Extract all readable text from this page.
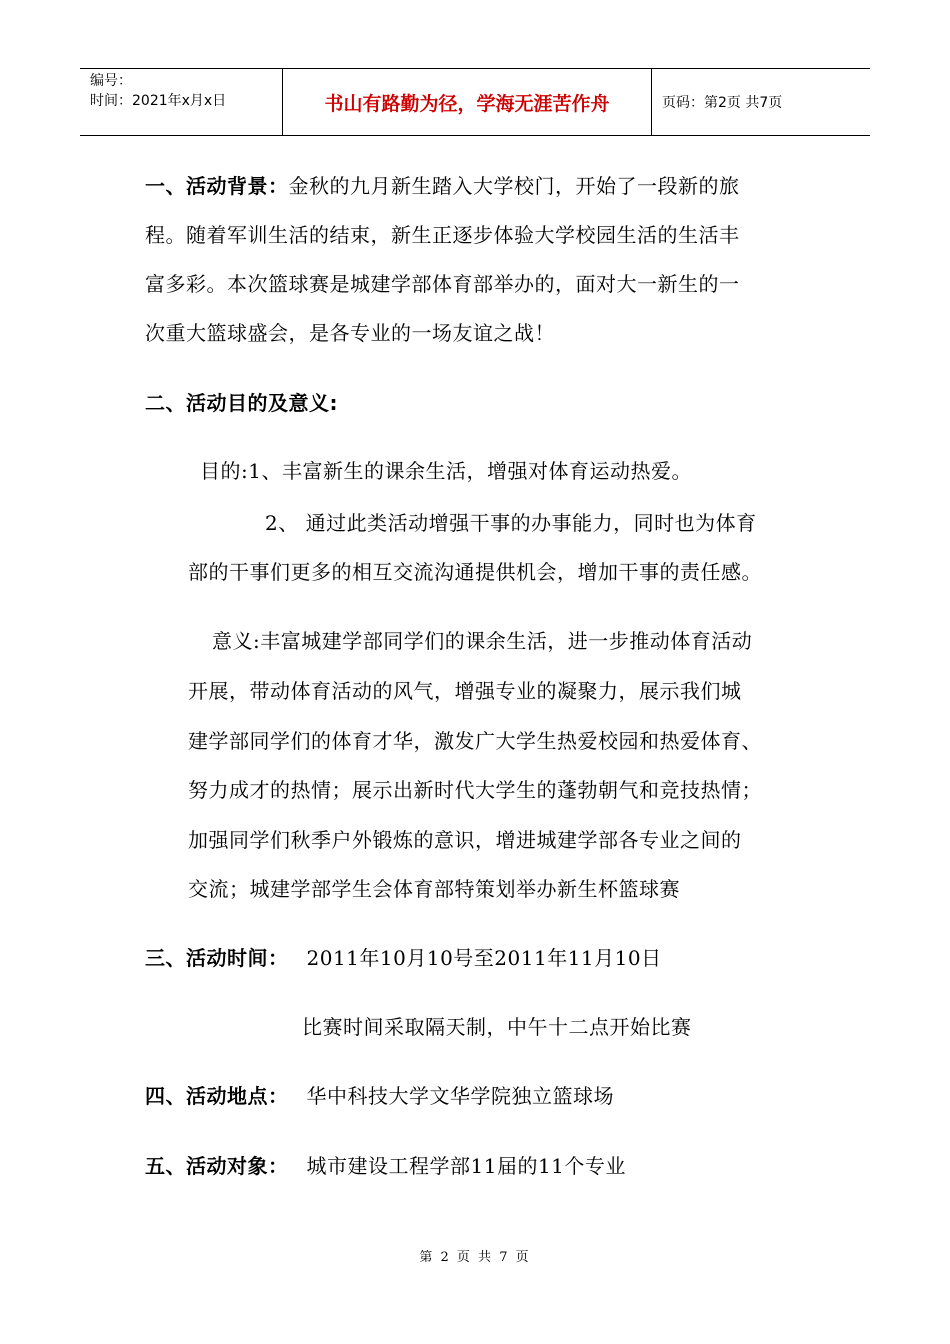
编号：
时间：2021年x月x日	书山有路勤为径，学海无涯苦作舟	页码：第2页 共7页
一、活动背景：金秋的九月新生踏入大学校门，开始了一段新的旅
程。随着军训生活的结束，新生正逐步体验大学校园生活的生活丰
富多彩。本次篮球赛是城建学部体育部举办的，面对大一新生的一
次重大篮球盛会，是各专业的一场友谊之战！
二、活动目的及意义:
目的:1、丰富新生的课余生活，增强对体育运动热爱。
2、 通过此类活动增强干事的办事能力，同时也为体育
部的干事们更多的相互交流沟通提供机会，增加干事的责任感。
意义:丰富城建学部同学们的课余生活，进一步推动体育活动
开展，带动体育活动的风气，增强专业的凝聚力，展示我们城
建学部同学们的体育才华，激发广大学生热爱校园和热爱体育、
努力成才的热情；展示出新时代大学生的蓬勃朝气和竞技热情；
加强同学们秋季户外锻炼的意识，增进城建学部各专业之间的
交流；城建学部学生会体育部特策划举办新生杯篮球赛
三、活动时间： 2011年10月10号至2011年11月10日
比赛时间采取隔天制，中午十二点开始比赛
四、活动地点： 华中科技大学文华学院独立篮球场
五、活动对象： 城市建设工程学部11届的11个专业
第 2 页 共 7 页
